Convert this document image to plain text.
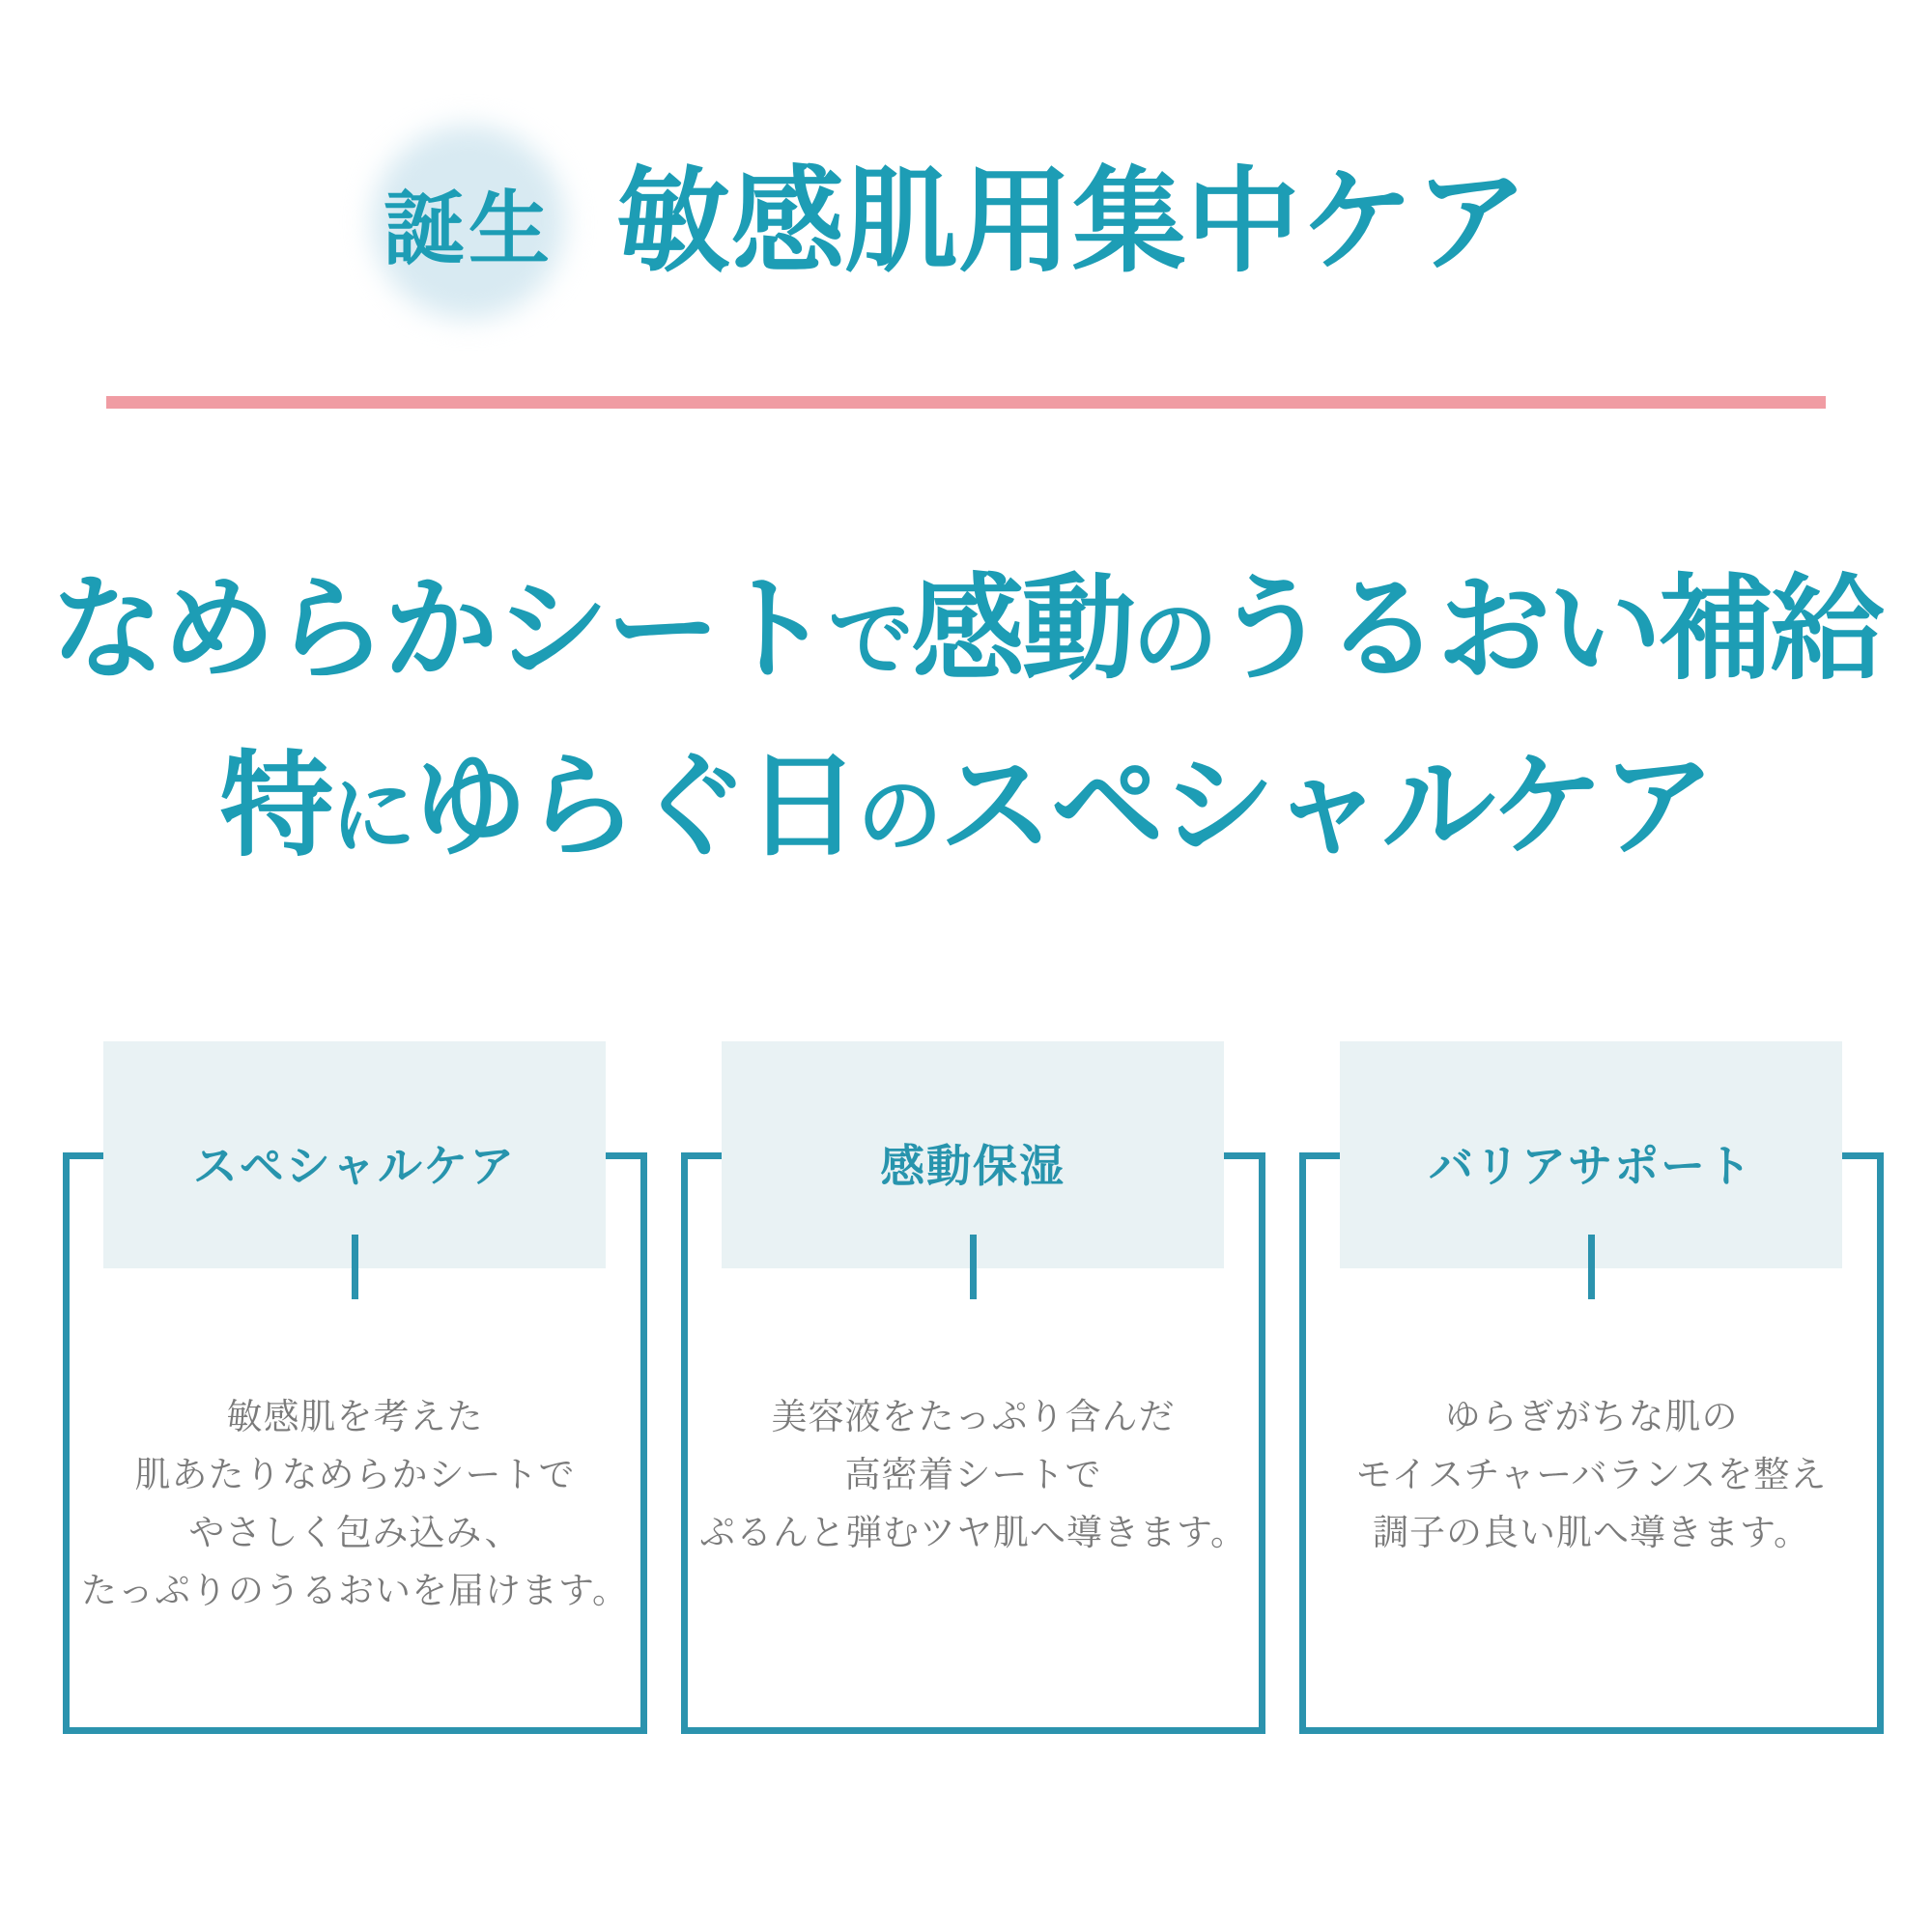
誕生 敏感肌用集中ケア
なめらかシートで感動のうるおい補給
特にゆらぐ日のスペシャルケア
スペシャルケア
敏感肌を考えた
肌あたりなめらかシートで
やさしく包み込み、
たっぷりのうるおいを届けます。
感動保湿
美容液をたっぷり含んだ
高密着シートで
ぷるんと弾むツヤ肌へ導きます。
バリアサポート
ゆらぎがちな肌の
モイスチャーバランスを整え
調子の良い肌へ導きます。
